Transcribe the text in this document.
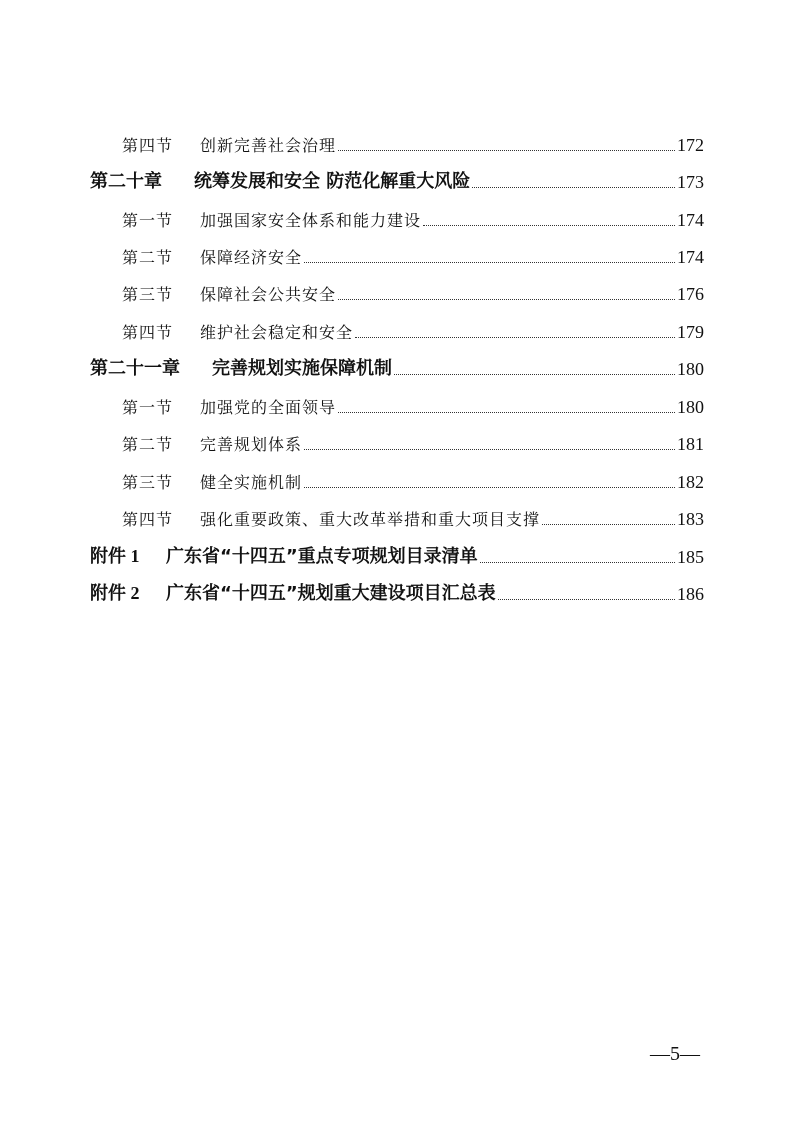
第四节	创新完善社会治理	172
第二十章	统筹发展和安全 防范化解重大风险	173
第一节	加强国家安全体系和能力建设	174
第二节	保障经济安全	174
第三节	保障社会公共安全	176
第四节	维护社会稳定和安全	179
第二十一章	完善规划实施保障机制	180
第一节	加强党的全面领导	180
第二节	完善规划体系	181
第三节	健全实施机制	182
第四节	强化重要政策、重大改革举措和重大项目支撑	183
附件 1	广东省“十四五”重点专项规划目录清单	185
附件 2	广东省“十四五”规划重大建设项目汇总表	186
—5—
